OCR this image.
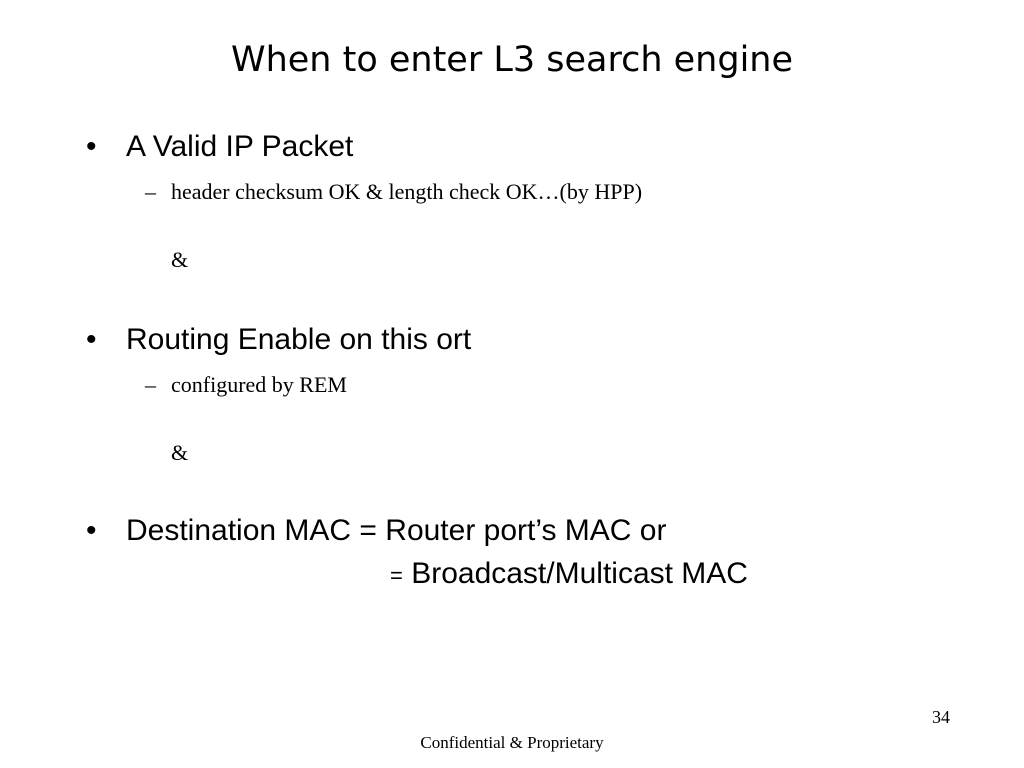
When to enter L3 search engine
• A Valid IP Packet
– header checksum OK & length check OK…(by HPP)
&
• Routing Enable on this ort
– configured by REM
&
• Destination MAC = Router port’s MAC or
= Broadcast/Multicast MAC
34
Confidential & Proprietary
